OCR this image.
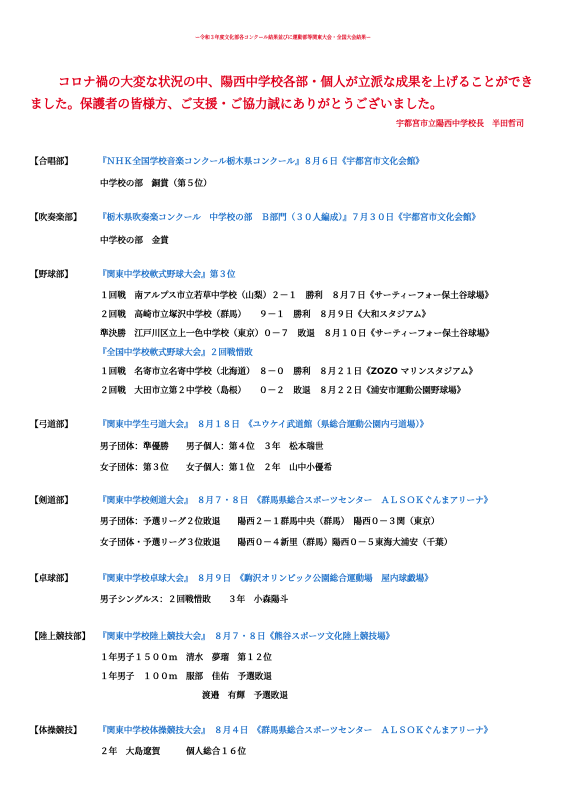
ー令和３年度文化部各コンクール結果並びに運動部等関東大会・全国大会結果ー
コロナ禍の大変な状況の中、陽西中学校各部・個人が立派な成果を上げることができ
ました。保護者の皆様方、ご支援・ご協力誠にありがとうございました。
宇都宮市立陽西中学校長　半田哲司
【合唱部】	『ＮＨＫ全国学校音楽コンクール栃木県コンクール』８月６日《宇都宮市文化会館》
中学校の部　銅賞（第５位）
【吹奏楽部】 『栃木県吹奏楽コンクール　中学校の部　Ｂ部門（３０人編成）』７月３０日《宇都宮市文化会館》
中学校の部　金賞
【野球部】	『関東中学校軟式野球大会』第３位
１回戦　南アルプス市立若草中学校（山梨）２－１　勝利　８月７日《サーティーフォー保土谷球場》
２回戦　高崎市立塚沢中学校（群馬）　　９－１　勝利　８月９日《大和スタジアム》
準決勝　江戸川区立上一色中学校（東京）０－７　敗退　８月１０日《サーティーフォー保土谷球場》
『全国中学校軟式野球大会』２回戦惜敗
１回戦　名寄市立名寄中学校（北海道）　８－０　勝利　８月２１日《ZOZO マリンスタジアム》
２回戦　大田市立第２中学校（島根）　　０－２　敗退　８月２２日《浦安市運動公園野球場》
【弓道部】	『関東中学生弓道大会』　８月１８日　《ユウケイ武道館（県総合運動公園内弓道場）》
男子団体：準優勝　　男子個人：第４位　３年　松本瑞世
女子団体：第３位　　女子個人：第１位　２年　山中小優希
【剣道部】	『関東中学校剣道大会』　８月７・８日　《群馬県総合スポーツセンター　ＡＬＳＯＫぐんまアリーナ》
男子団体：予選リーグ２位敗退　　陽西２－１群馬中央（群馬）　陽西０－３関（東京）
女子団体・予選リーグ３位敗退　　陽西０－４新里（群馬）陽西０－５東海大浦安（千葉）
【卓球部】	『関東中学校卓球大会』　８月９日　《駒沢オリンピック公園総合運動場　屋内球戯場》
男子シングルス：２回戦惜敗　　３年　小森陽斗
【陸上競技部】 『関東中学校陸上競技大会』　８月７・８日《熊谷スポーツ文化陸上競技場》
１年男子１５００ｍ　清水　夢瑠　第１２位
１年男子　１００ｍ　服部　佳佑　予選敗退
渡邉　有輝　予選敗退
【体操競技】 『関東中学校体操競技大会』　８月４日　《群馬県総合スポーツセンター　ＡＬＳＯＫぐんまアリーナ》
２年　大島遼賀　　　個人総合１６位
